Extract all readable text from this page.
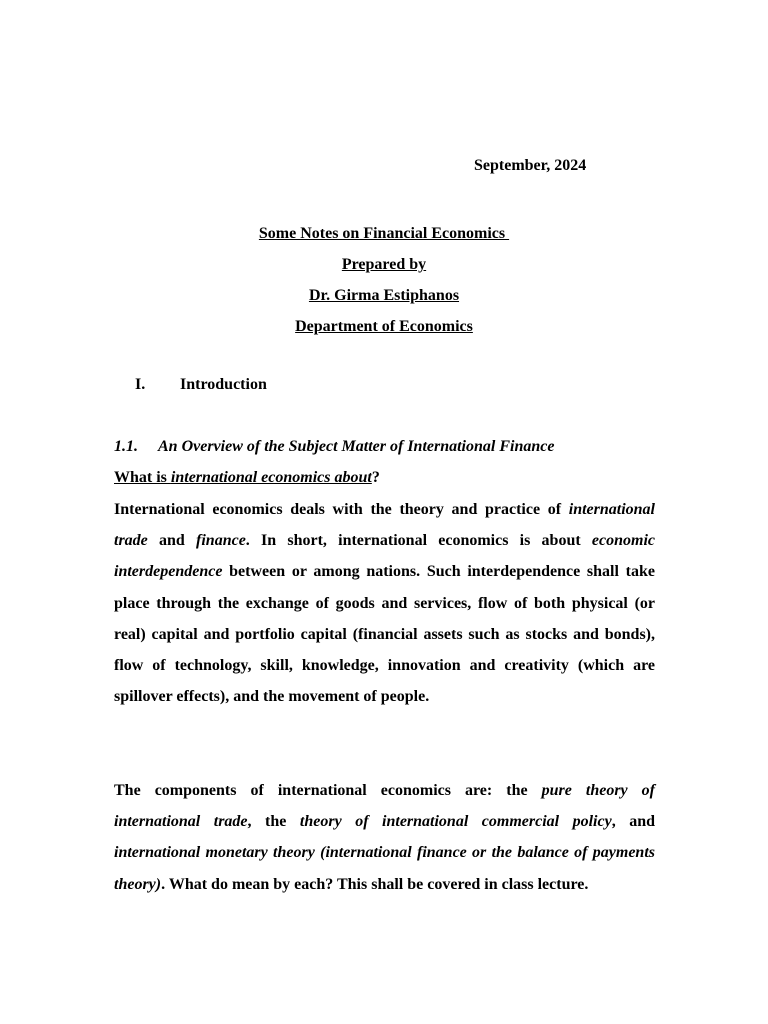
September, 2024
Some Notes on Financial Economics
Prepared by
Dr. Girma Estiphanos
Department of Economics
I. Introduction
1.1. An Overview of the Subject Matter of International Finance
What is international economics about?
International economics deals with the theory and practice of international trade and finance. In short, international economics is about economic interdependence between or among nations. Such interdependence shall take place through the exchange of goods and services, flow of both physical (or real) capital and portfolio capital (financial assets such as stocks and bonds), flow of technology, skill, knowledge, innovation and creativity (which are spillover effects), and the movement of people.
The components of international economics are: the pure theory of international trade, the theory of international commercial policy, and international monetary theory (international finance or the balance of payments theory). What do mean by each? This shall be covered in class lecture.
